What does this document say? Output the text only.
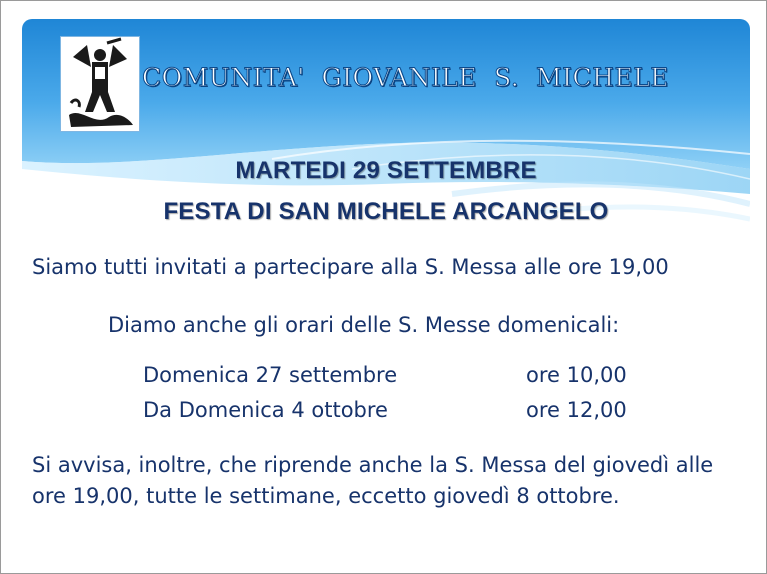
COMUNITA'  GIOVANILE  S.  MICHELE
MARTEDI 29 SETTEMBRE
FESTA DI SAN MICHELE ARCANGELO
Siamo tutti invitati a partecipare alla S. Messa alle ore 19,00
Diamo anche gli orari delle S. Messe domenicali:
Domenica 27 settembre	ore 10,00
Da Domenica 4 ottobre	ore 12,00
Si avvisa, inoltre, che riprende anche la S. Messa del giovedì alle ore 19,00, tutte le settimane, eccetto giovedì 8 ottobre.
